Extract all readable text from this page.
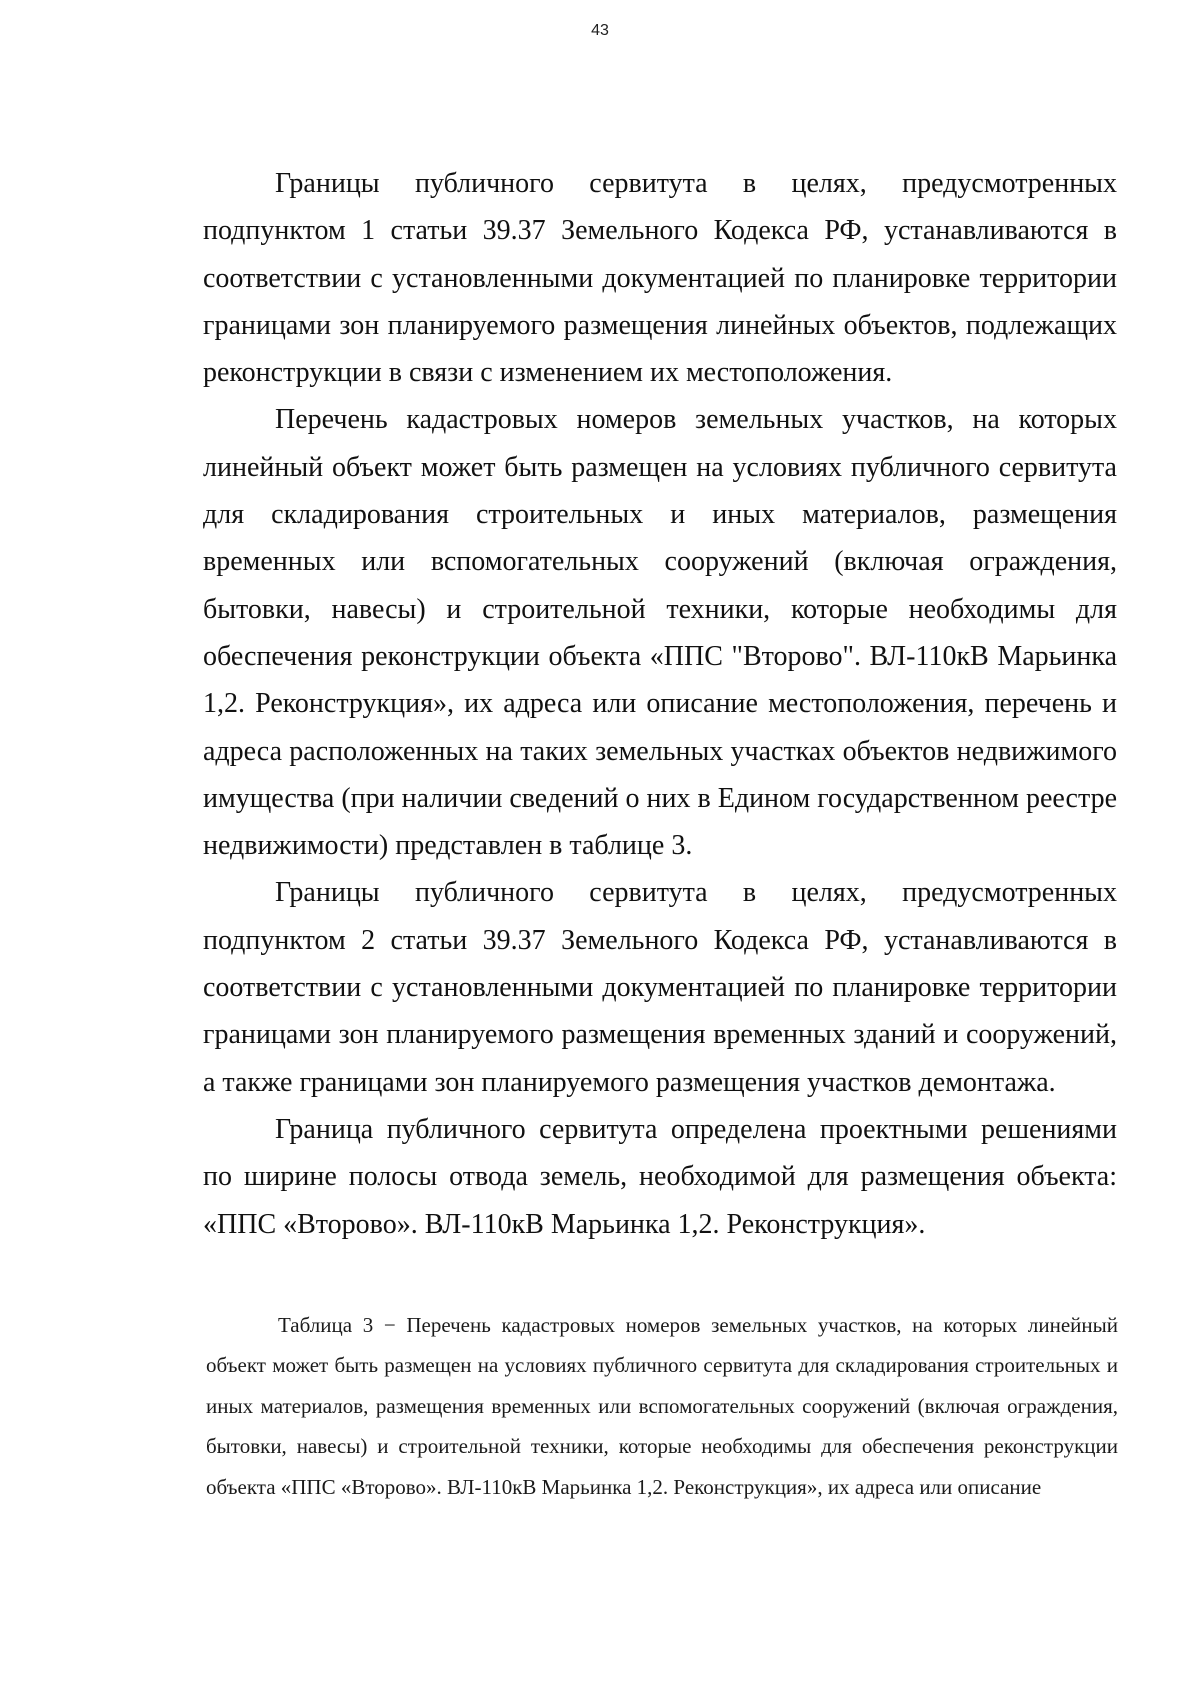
43

Границы публичного сервитута в целях, предусмотренных подпунктом 1 статьи 39.37 Земельного Кодекса РФ, устанавливаются в соответствии с установленными документацией по планировке территории границами зон планируемого размещения линейных объектов, подлежащих реконструкции в связи с изменением их местоположения.

Перечень кадастровых номеров земельных участков, на которых линейный объект может быть размещен на условиях публичного сервитута для складирования строительных и иных материалов, размещения временных или вспомогательных сооружений (включая ограждения, бытовки, навесы) и строительной техники, которые необходимы для обеспечения реконструкции объекта «ППС "Второво". ВЛ-110кВ Марьинка 1,2. Реконструкция», их адреса или описание местоположения, перечень и адреса расположенных на таких земельных участках объектов недвижимого имущества (при наличии сведений о них в Едином государственном реестре недвижимости) представлен в таблице 3.

Границы публичного сервитута в целях, предусмотренных подпунктом 2 статьи 39.37 Земельного Кодекса РФ, устанавливаются в соответствии с установленными документацией по планировке территории границами зон планируемого размещения временных зданий и сооружений, а также границами зон планируемого размещения участков демонтажа.

Граница публичного сервитута определена проектными решениями по ширине полосы отвода земель, необходимой для размещения объекта: «ППС «Второво». ВЛ-110кВ Марьинка 1,2. Реконструкция».

Таблица 3 − Перечень кадастровых номеров земельных участков, на которых линейный объект может быть размещен на условиях публичного сервитута для складирования строительных и иных материалов, размещения временных или вспомогательных сооружений (включая ограждения, бытовки, навесы) и строительной техники, которые необходимы для обеспечения реконструкции объекта «ППС «Второво». ВЛ-110кВ Марьинка 1,2. Реконструкция», их адреса или описание
